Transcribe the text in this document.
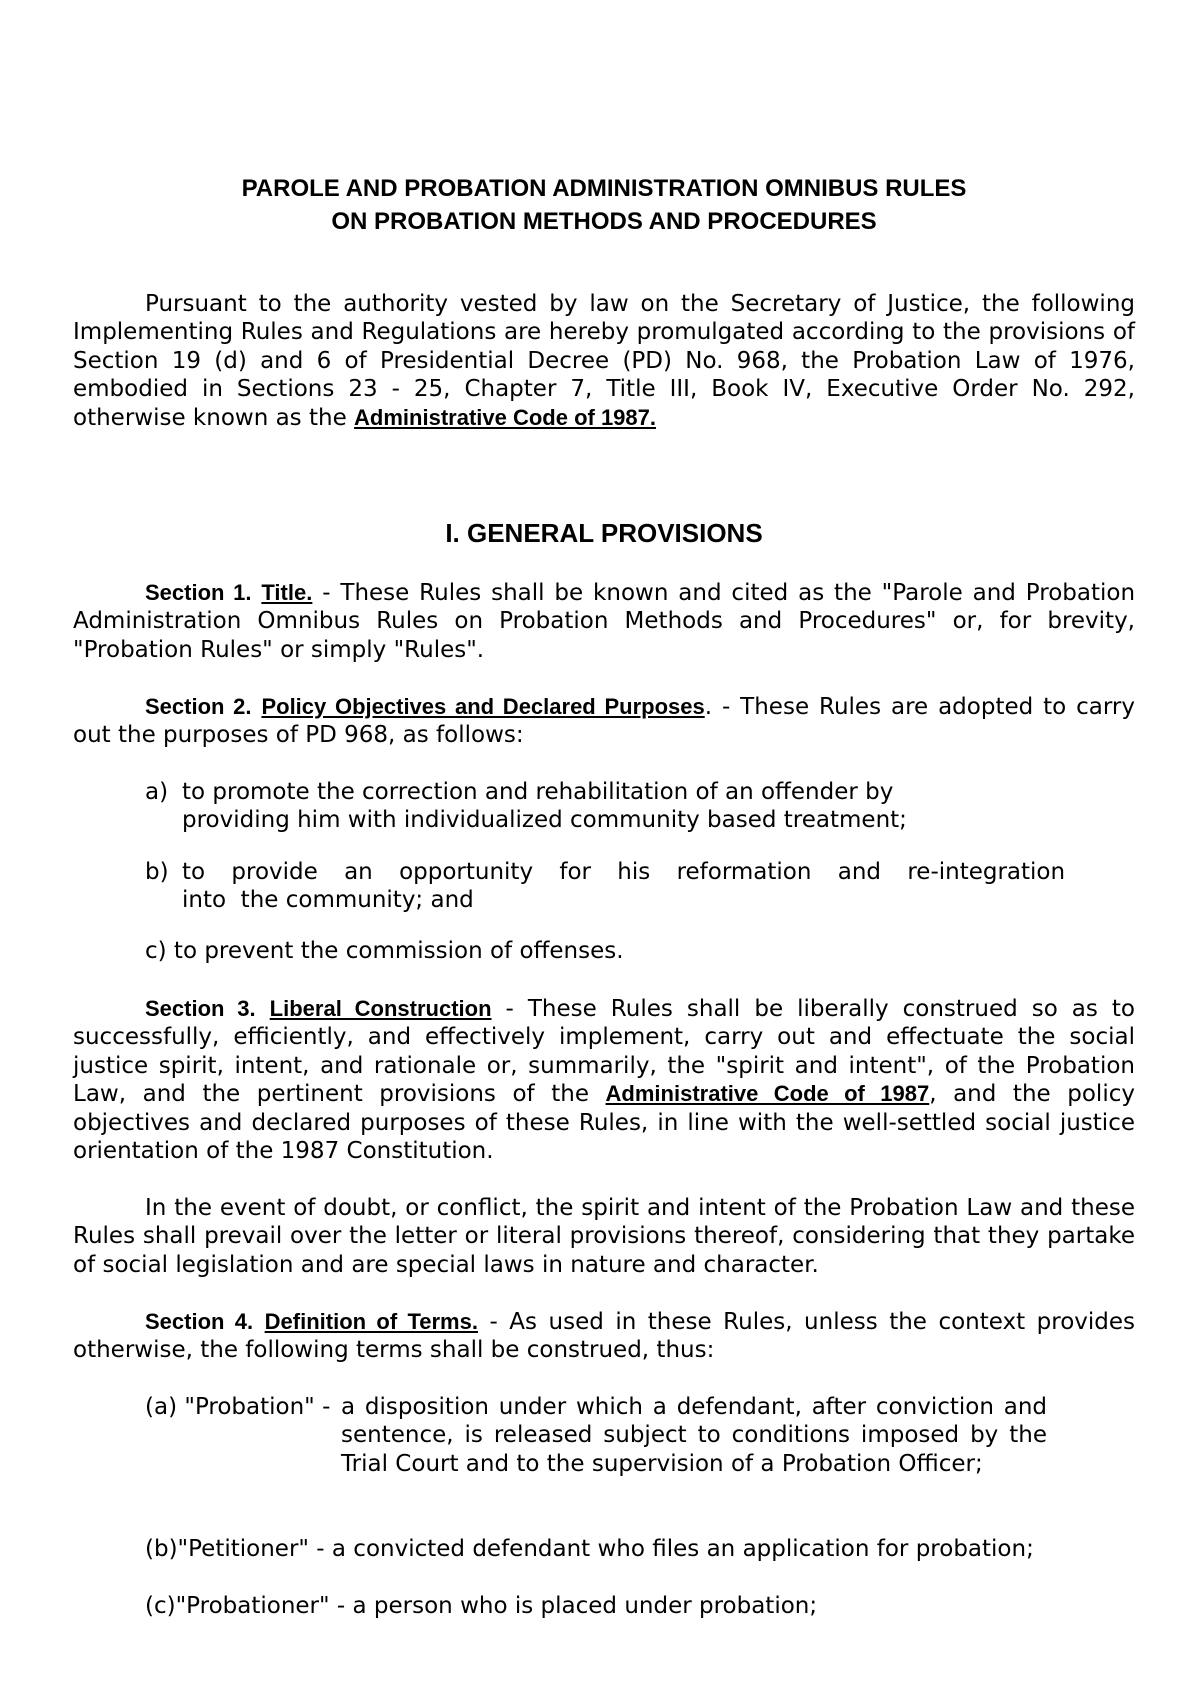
PAROLE AND PROBATION ADMINISTRATION OMNIBUS RULES
ON PROBATION METHODS AND PROCEDURES
Pursuant to the authority vested by law on the Secretary of Justice, the following Implementing Rules and Regulations are hereby promulgated according to the provisions of Section 19 (d) and 6 of Presidential Decree (PD) No. 968, the Probation Law of 1976, embodied in Sections 23 - 25, Chapter 7, Title III, Book IV, Executive Order No. 292, otherwise known as the Administrative Code of 1987.
I. GENERAL PROVISIONS
Section 1. Title. - These Rules shall be known and cited as the "Parole and Probation Administration Omnibus Rules on Probation Methods and Procedures" or, for brevity, "Probation Rules" or simply "Rules".
Section 2. Policy Objectives and Declared Purposes. - These Rules are adopted to carry out the purposes of PD 968, as follows:
a) to promote the correction and rehabilitation of an offender by
providing him with individualized community based treatment;
b) to provide an opportunity for his reformation and re-integration
into  the community; and
c) to prevent the commission of offenses.
Section 3. Liberal Construction - These Rules shall be liberally construed so as to successfully, efficiently, and effectively implement, carry out and effectuate the social justice spirit, intent, and rationale or, summarily, the "spirit and intent", of the Probation Law, and the pertinent provisions of the Administrative Code of 1987, and the policy objectives and declared purposes of these Rules, in line with the well-settled social justice orientation of the 1987 Constitution.
In the event of doubt, or conflict, the spirit and intent of the Probation Law and these Rules shall prevail over the letter or literal provisions thereof, considering that they partake of social legislation and are special laws in nature and character.
Section 4. Definition of Terms. - As used in these Rules, unless the context provides otherwise, the following terms shall be construed, thus:
(a) "Probation" - a disposition under which a defendant, after conviction and sentence, is released subject to conditions imposed by the Trial Court and to the supervision of a Probation Officer;
(b)"Petitioner" - a convicted defendant who files an application for probation;
(c)"Probationer" - a person who is placed under probation;
